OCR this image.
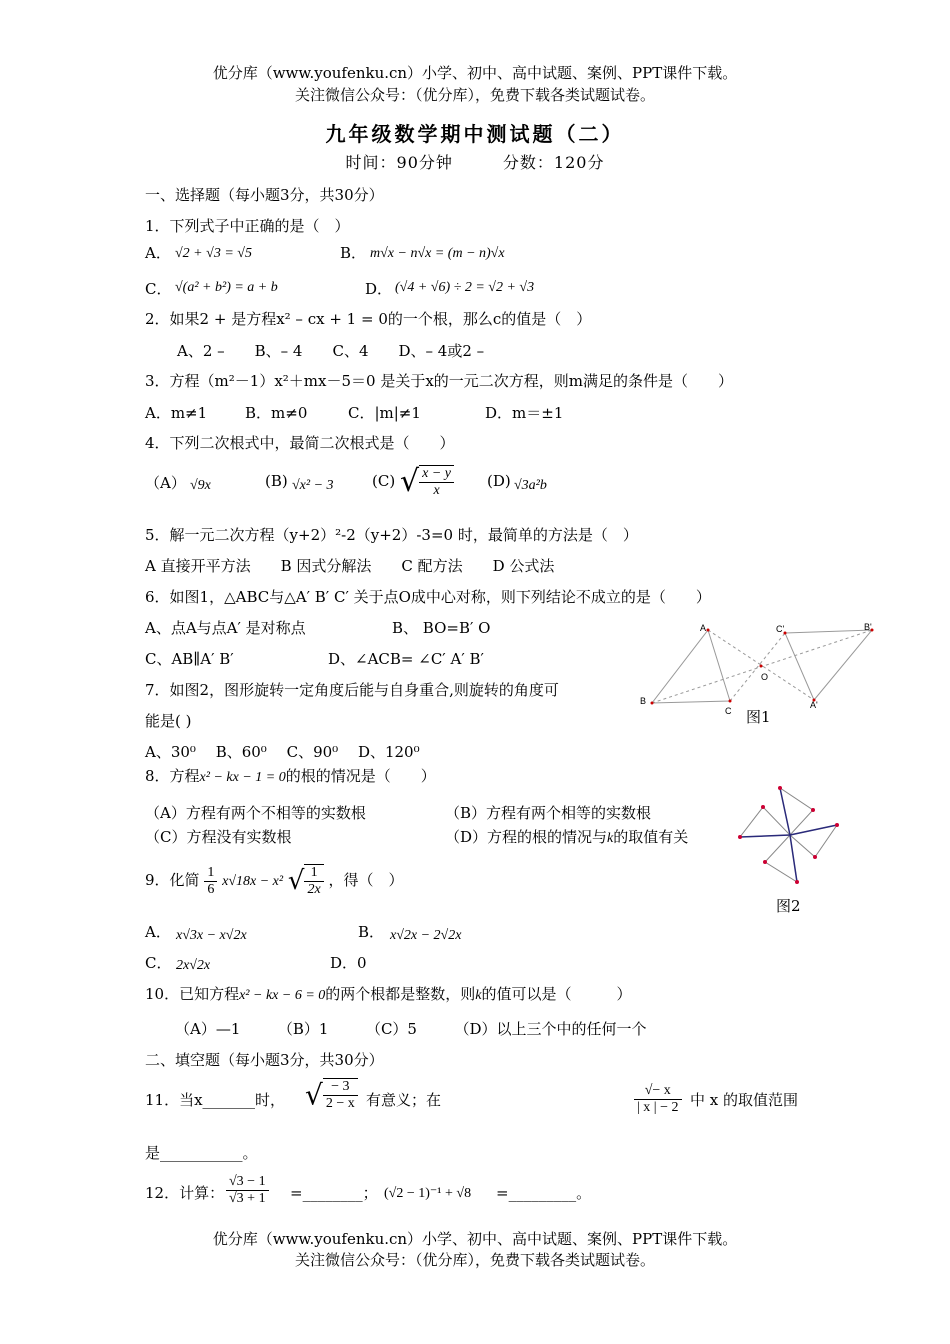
优分库（www.youfenku.cn）小学、初中、高中试题、案例、PPT课件下载。
关注微信公众号：（优分库），免费下载各类试题试卷。
九年级数学期中测试题（二）
时间：90分钟	分数：120分
一、选择题（每小题3分，共30分）
1．下列式子中正确的是（　）
A． √2 + √3 = √5	B． m√x − n√x = (m − n)√x
C． √(a² + b²) = a + b	D． (√4 + √6) ÷ 2 = √2 + √3
2．如果2 + 是方程x² – cx + 1 = 0的一个根，那么c的值是（　）
A、2 –　　B、– 4　　C、4　　D、– 4或2 –
3．方程（m²－1）x²＋mx－5＝0 是关于x的一元二次方程，则m满足的条件是（　　）
A．m≠1	B．m≠0	C．|m|≠1	D．m＝±1
4．下列二次根式中，最简二次根式是（　　）
（A） √9x	(B) √x² − 3	(C) √ $\frac{x - y}{x} (D)$ √3a²b
5．解一元二次方程（y+2）²-2（y+2）-3=0 时，最简单的方法是（　）
A 直接开平方法　　B 因式分解法　　C 配方法　　D 公式法
6．如图1，△ABC与△A′ B′ C′ 关于点O成中心对称，则下列结论不成立的是（　　）
A、点A与点A′ 是对称点	B、 BO=B′ O
C、AB∥A′ B′	D、∠ACB= ∠C′ A′ B′
A	C'	B'
O
B
C
A'
图1
7．如图2，图形旋转一定角度后能与自身重合,则旋转的角度可
能是( )
A、30⁰　 B、60⁰　 C、90⁰　 D、120⁰
图2
8．方程x² − kx − 1 = 0的根的情况是（　　）
（A）方程有两个不相等的实数根	（B）方程有两个相等的实数根
（C）方程没有实数根	（D）方程的根的情况与k的取值有关
9．化简 $\frac{1}{6} x√18x - x^2$ √ $\frac{1}{2x}$ ，得（　）
A． x√3x − x√2x	B． x√2x − 2√2x
C． 2x√2x	D．0
10．已知方程x² − kx − 6 = 0的两个根都是整数，则k的值可以是（　　　）
（A）—1　　　（B）1　　　（C）5　　　（D）以上三个中的任何一个
二、填空题（每小题3分，共30分）
11．当x_______时， √ $\frac{- 3}{2 - x}$ 有意义；在	$\frac{√- x}{| x | - 2}$ 中 x 的取值范围
是___________。
12．计算： $\frac{√3 - 1}{√3 + 1}$ =________； (√2 − 1)⁻¹ + √8 =_________。
优分库（www.youfenku.cn）小学、初中、高中试题、案例、PPT课件下载。
关注微信公众号：（优分库），免费下载各类试题试卷。
